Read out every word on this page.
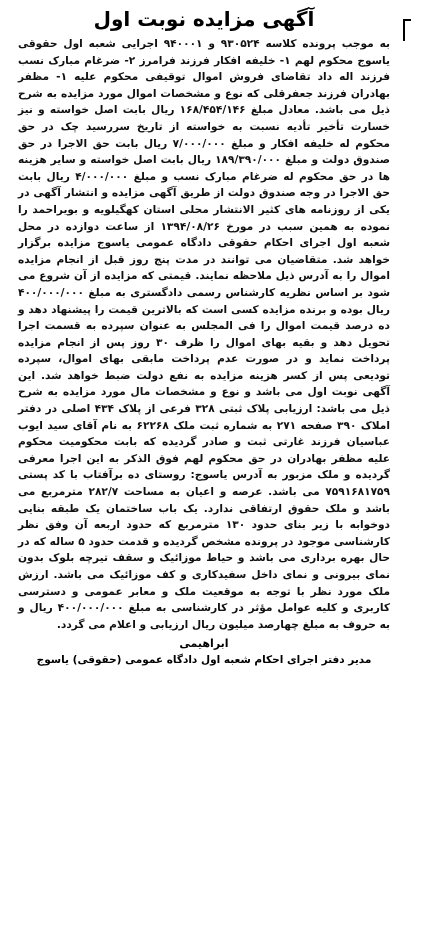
آگهی مزایده نوبت اول

به موجب پرونده کلاسه ۹۳۰۵۲۴ و ۹۴۰۰۰۱ اجرایی شعبه اول حقوقی یاسوج محکوم لهم ۱- خلیفه افکار فرزند فرامرز ۲- ضرغام مبارک نسب فرزند اله داد تقاضای فروش اموال توقیفی محکوم علیه ۱- مظفر بهادران فرزند جعفرقلی که نوع و مشخصات اموال مورد مزایده به شرح ذیل می باشد. معادل مبلغ ۱۶۸/۴۵۴/۱۴۶ ریال بابت اصل خواسته و نیز خسارت تأخیر تأدیه نسبت به خواسته از تاریخ سررسید چک در حق محکوم له خلیفه افکار و مبلغ ۷/۰۰۰/۰۰۰ ریال بابت حق الاجرا در حق صندوق دولت و مبلغ ۱۸۹/۳۹۰/۰۰۰ ریال بابت اصل خواسته و سایر هزینه ها در حق محکوم له ضرغام مبارک نسب و مبلغ ۴/۰۰۰/۰۰۰ ریال بابت حق الاجرا در وجه صندوق دولت از طریق آگهی مزایده و انتشار آگهی در یکی از روزنامه های کثیر الانتشار محلی استان کهگیلویه و بویراحمد را نموده به همین سبب در مورخ ۱۳۹۴/۰۸/۲۶ از ساعت دوازده در محل شعبه اول اجرای احکام حقوقی دادگاه عمومی یاسوج مزایده برگزار خواهد شد. متقاضیان می توانند در مدت پنج روز قبل از انجام مزایده اموال را به آدرس ذیل ملاحظه نمایند. قیمتی که مزایده از آن شروع می شود بر اساس نظریه کارشناس رسمی دادگستری به مبلغ ۴۰۰/۰۰۰/۰۰۰ ریال بوده و برنده مزایده کسی است که بالاترین قیمت را پیشنهاد دهد و ده درصد قیمت اموال را فی المجلس به عنوان سپرده به قسمت اجرا تحویل دهد و بقیه بهای اموال را ظرف ۳۰ روز پس از انجام مزایده پرداخت نماید و در صورت عدم پرداخت مابقی بهای اموال، سپرده تودیعی پس از کسر هزینه مزایده به نفع دولت ضبط خواهد شد. این آگهی نوبت اول می باشد و نوع و مشخصات مال مورد مزایده به شرح ذیل می باشد: ارزیابی پلاک ثبتی ۳۲۸ فرعی از پلاک ۴۳۴ اصلی در دفتر املاک ۳۹۰ صفحه ۲۷۱ به شماره ثبت ملک ۶۲۲۶۸ به نام آقای سید ایوب عباسیان فرزند غارتی ثبت و صادر گردیده که بابت محکومیت محکوم علیه مظفر بهادران در حق محکوم لهم فوق الذکر به این اجرا معرفی گردیده و ملک مزبور به آدرس یاسوج: روستای ده برآفتاب با کد پستی ۷۵۹۱۶۸۱۷۵۹ می باشد. عرصه و اعیان به مساحت ۲۸۲/۷ مترمربع می باشد و ملک حقوق ارتفاقی ندارد. یک باب ساختمان یک طبقه بنایی دوخوابه با زیر بنای حدود ۱۳۰ مترمربع که حدود اربعه آن وفق نظر کارشناسی موجود در پرونده مشخص گردیده و قدمت حدود ۵ ساله که در حال بهره برداری می باشد و حیاط موزائیک و سقف تیرچه بلوک بدون نمای بیرونی و نمای داخل سفیدکاری و کف موزائیک می باشد. ارزش ملک مورد نظر با توجه به موقعیت ملک و معابر عمومی و دسترسی کاربری و کلیه عوامل مؤثر در کارشناسی به مبلغ ۴۰۰/۰۰۰/۰۰۰ ریال و به حروف به مبلغ چهارصد میلیون ریال ارزیابی و اعلام می گردد.

ابراهیمی

مدیر دفتر اجرای احکام شعبه اول دادگاه عمومی (حقوقی) یاسوج
